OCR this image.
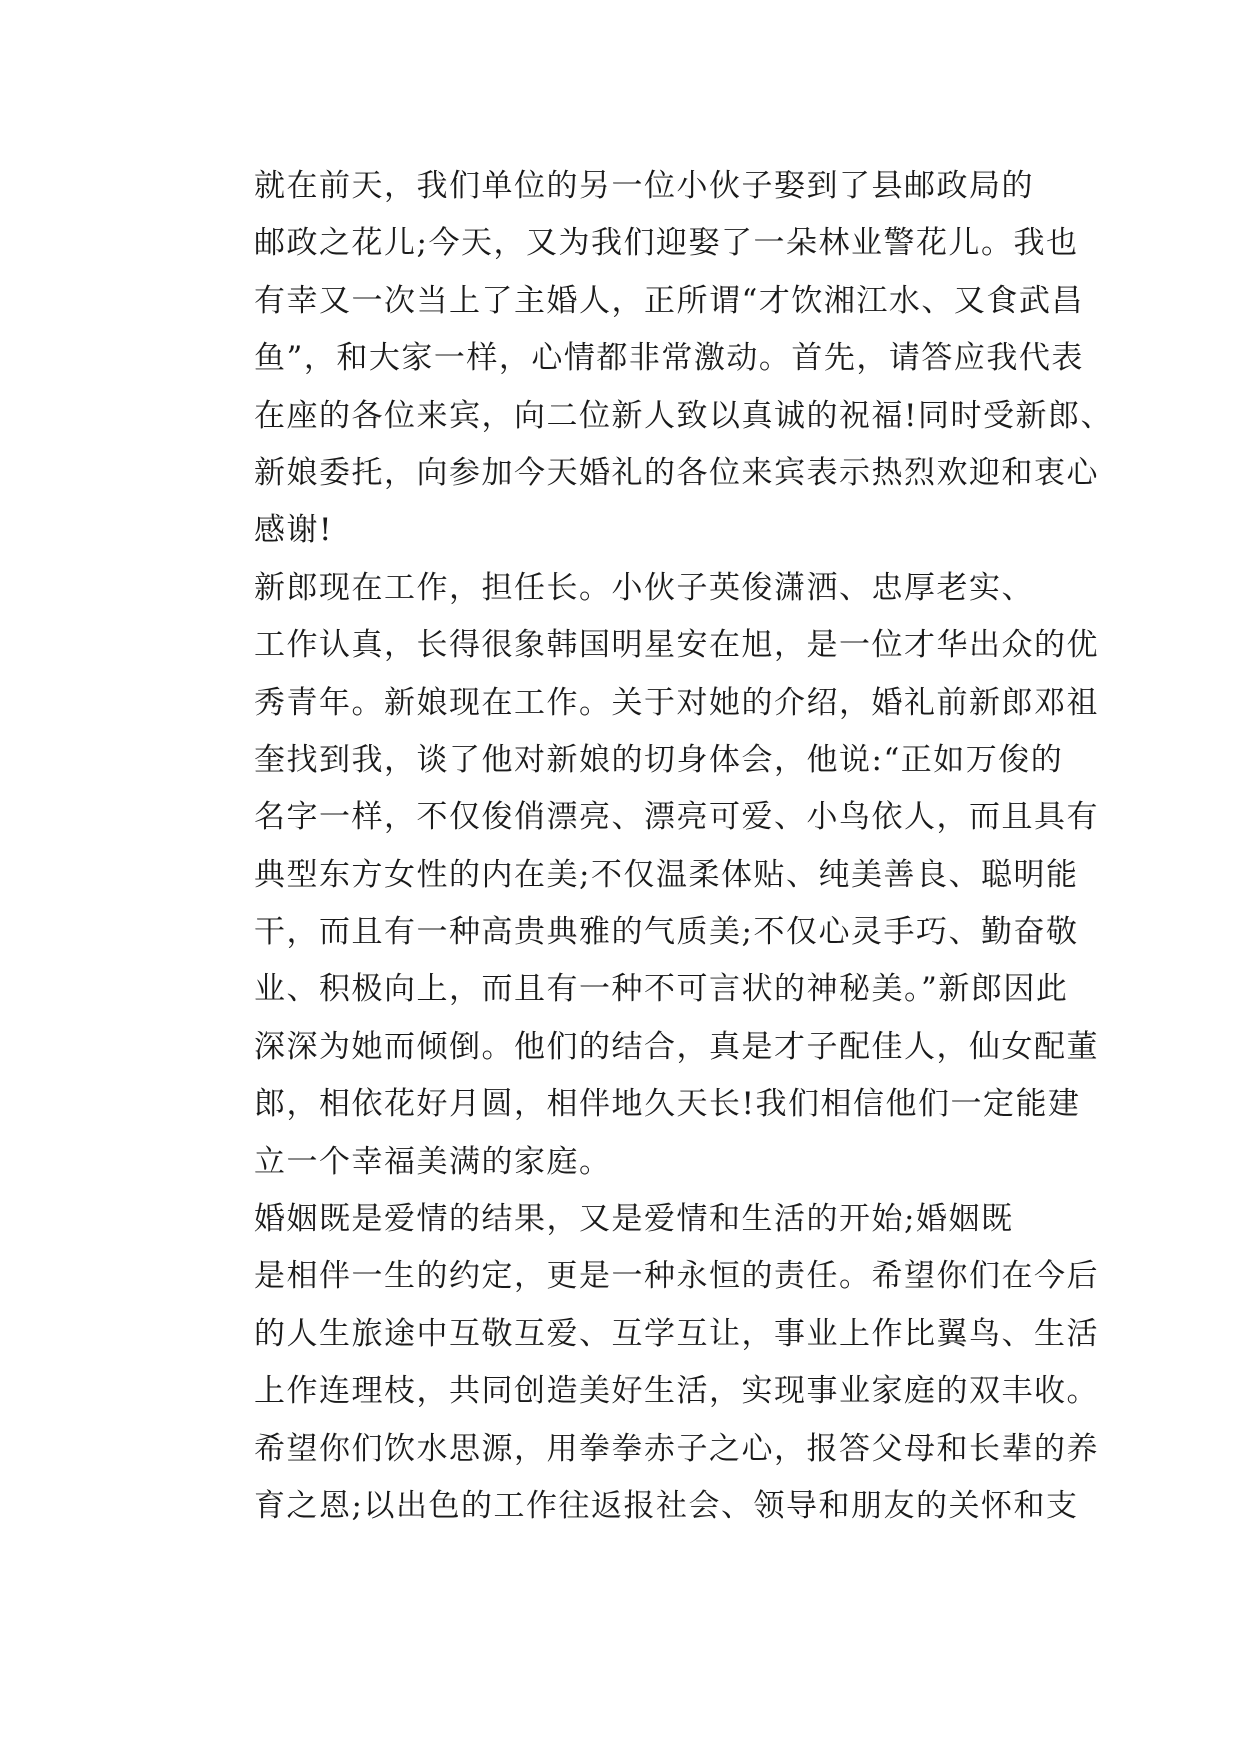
就在前天，我们单位的另一位小伙子娶到了县邮政局的
邮政之花儿;今天，又为我们迎娶了一朵林业警花儿。我也
有幸又一次当上了主婚人，正所谓“才饮湘江水、又食武昌
鱼”，和大家一样，心情都非常激动。首先，请答应我代表
在座的各位来宾，向二位新人致以真诚的祝福!同时受新郎、
新娘委托，向参加今天婚礼的各位来宾表示热烈欢迎和衷心
感谢!
新郎现在工作，担任长。小伙子英俊潇洒、忠厚老实、
工作认真，长得很象韩国明星安在旭，是一位才华出众的优
秀青年。新娘现在工作。关于对她的介绍，婚礼前新郎邓祖
奎找到我，谈了他对新娘的切身体会，他说:“正如万俊的
名字一样，不仅俊俏漂亮、漂亮可爱、小鸟依人，而且具有
典型东方女性的内在美;不仅温柔体贴、纯美善良、聪明能
干，而且有一种高贵典雅的气质美;不仅心灵手巧、勤奋敬
业、积极向上，而且有一种不可言状的神秘美。”新郎因此
深深为她而倾倒。他们的结合，真是才子配佳人，仙女配董
郎，相依花好月圆，相伴地久天长!我们相信他们一定能建
立一个幸福美满的家庭。
婚姻既是爱情的结果，又是爱情和生活的开始;婚姻既
是相伴一生的约定，更是一种永恒的责任。希望你们在今后
的人生旅途中互敬互爱、互学互让，事业上作比翼鸟、生活
上作连理枝，共同创造美好生活，实现事业家庭的双丰收。
希望你们饮水思源，用拳拳赤子之心，报答父母和长辈的养
育之恩;以出色的工作往返报社会、领导和朋友的关怀和支
